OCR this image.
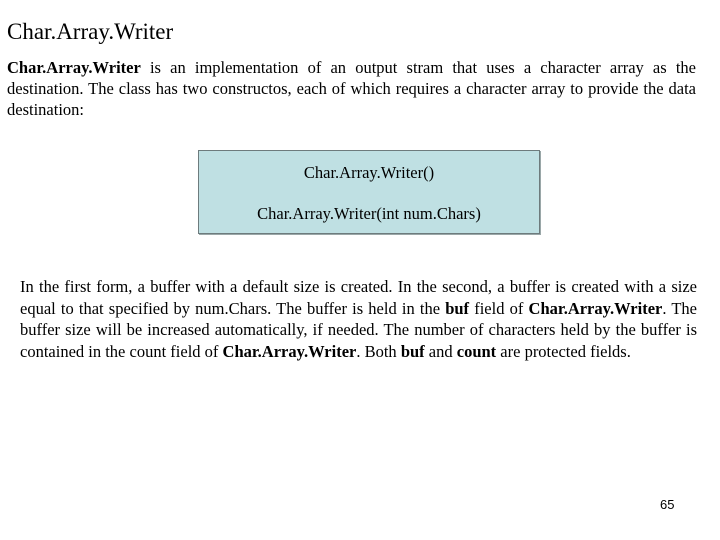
Char.Array.Writer

Char.Array.Writer is an implementation of an output stram that uses a character array as the destination. The class has two constructos, each of which requires a character array to provide the data destination:

Char.Array.Writer()
Char.Array.Writer(int num.Chars)

In the first form, a buffer with a default size is created. In the second, a buffer is created with a size equal to that specified by num.Chars. The buffer is held in the buf field of Char.Array.Writer. The buffer size will be increased automatically, if needed. The number of characters held by the buffer is contained in the count field of Char.Array.Writer. Both buf and count are protected fields.

65
